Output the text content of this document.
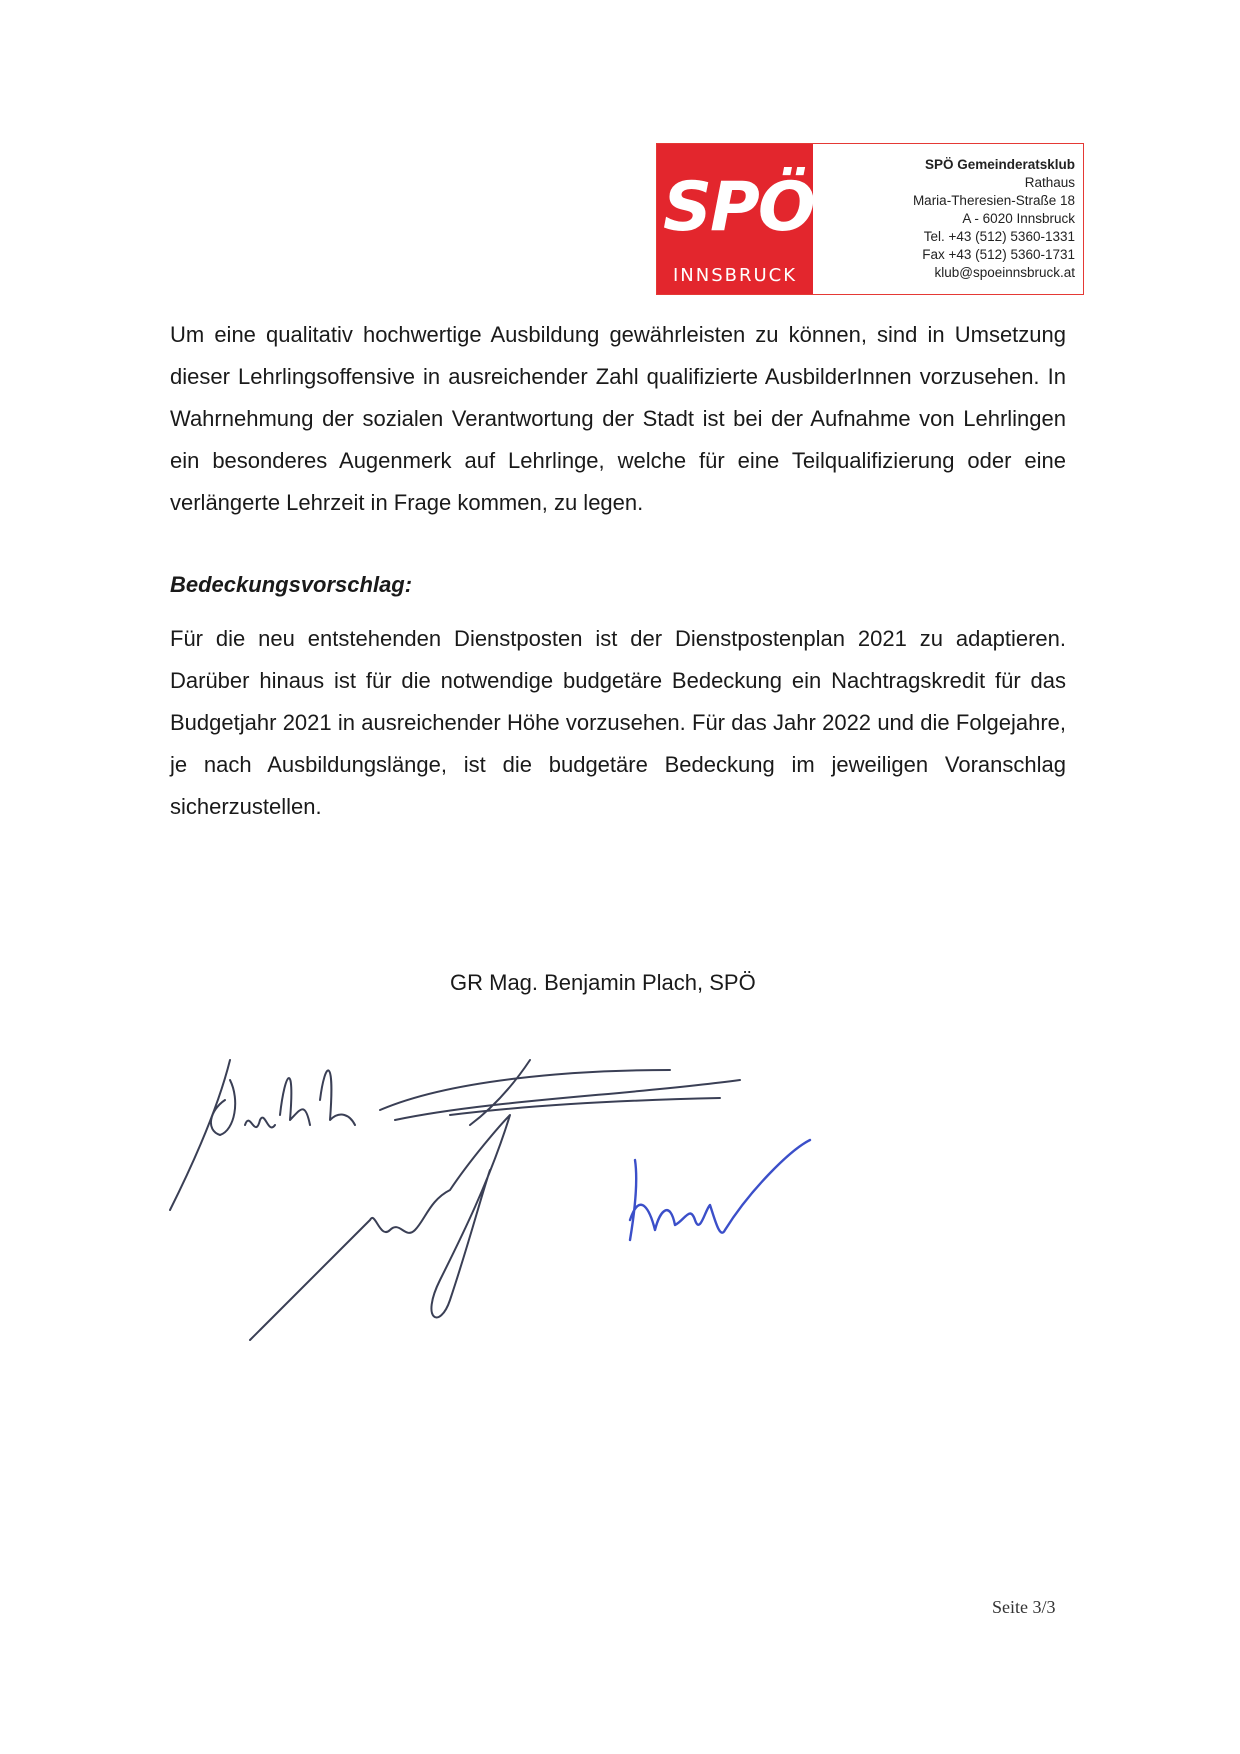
SPÖ
INNSBRUCK
SPÖ Gemeinderatsklub
Rathaus
Maria-Theresien-Straße 18
A - 6020 Innsbruck
Tel. +43 (512) 5360-1331
Fax +43 (512) 5360-1731
klub@spoeinnsbruck.at

Um eine qualitativ hochwertige Ausbildung gewährleisten zu können, sind in Umsetzung dieser Lehrlingsoffensive in ausreichender Zahl qualifizierte AusbilderInnen vorzusehen. In Wahrnehmung der sozialen Verantwortung der Stadt ist bei der Aufnahme von Lehrlingen ein besonderes Augenmerk auf Lehrlinge, welche für eine Teilqualifizierung oder eine verlängerte Lehrzeit in Frage kommen, zu legen.

Bedeckungsvorschlag:

Für die neu entstehenden Dienstposten ist der Dienstpostenplan 2021 zu adaptieren. Darüber hinaus ist für die notwendige budgetäre Bedeckung ein Nachtragskredit für das Budgetjahr 2021 in ausreichender Höhe vorzusehen. Für das Jahr 2022 und die Folgejahre, je nach Ausbildungslänge, ist die budgetäre Bedeckung im jeweiligen Voranschlag sicherzustellen.

GR Mag. Benjamin Plach, SPÖ
Seite 3/3
